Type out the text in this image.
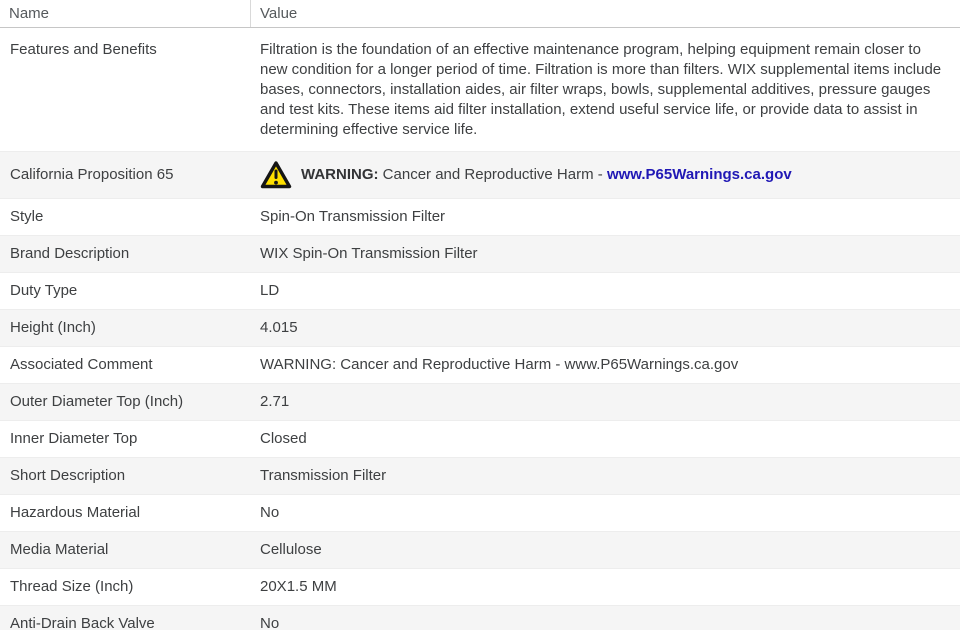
Name	Value
Features and Benefits	Filtration is the foundation of an effective maintenance program, helping equipment remain closer to new condition for a longer period of time. Filtration is more than filters. WIX supplemental items include bases, connectors, installation aides, air filter wraps, bowls, supplemental additives, pressure gauges and test kits. These items aid filter installation, extend useful service life, or provide data to assist in determining effective service life.
California Proposition 65	WARNING: Cancer and Reproductive Harm - www.P65Warnings.ca.gov
Style	Spin-On Transmission Filter
Brand Description	WIX Spin-On Transmission Filter
Duty Type	LD
Height (Inch)	4.015
Associated Comment	WARNING: Cancer and Reproductive Harm - www.P65Warnings.ca.gov
Outer Diameter Top (Inch)	2.71
Inner Diameter Top	Closed
Short Description	Transmission Filter
Hazardous Material	No
Media Material	Cellulose
Thread Size (Inch)	20X1.5 MM
Anti-Drain Back Valve	No
